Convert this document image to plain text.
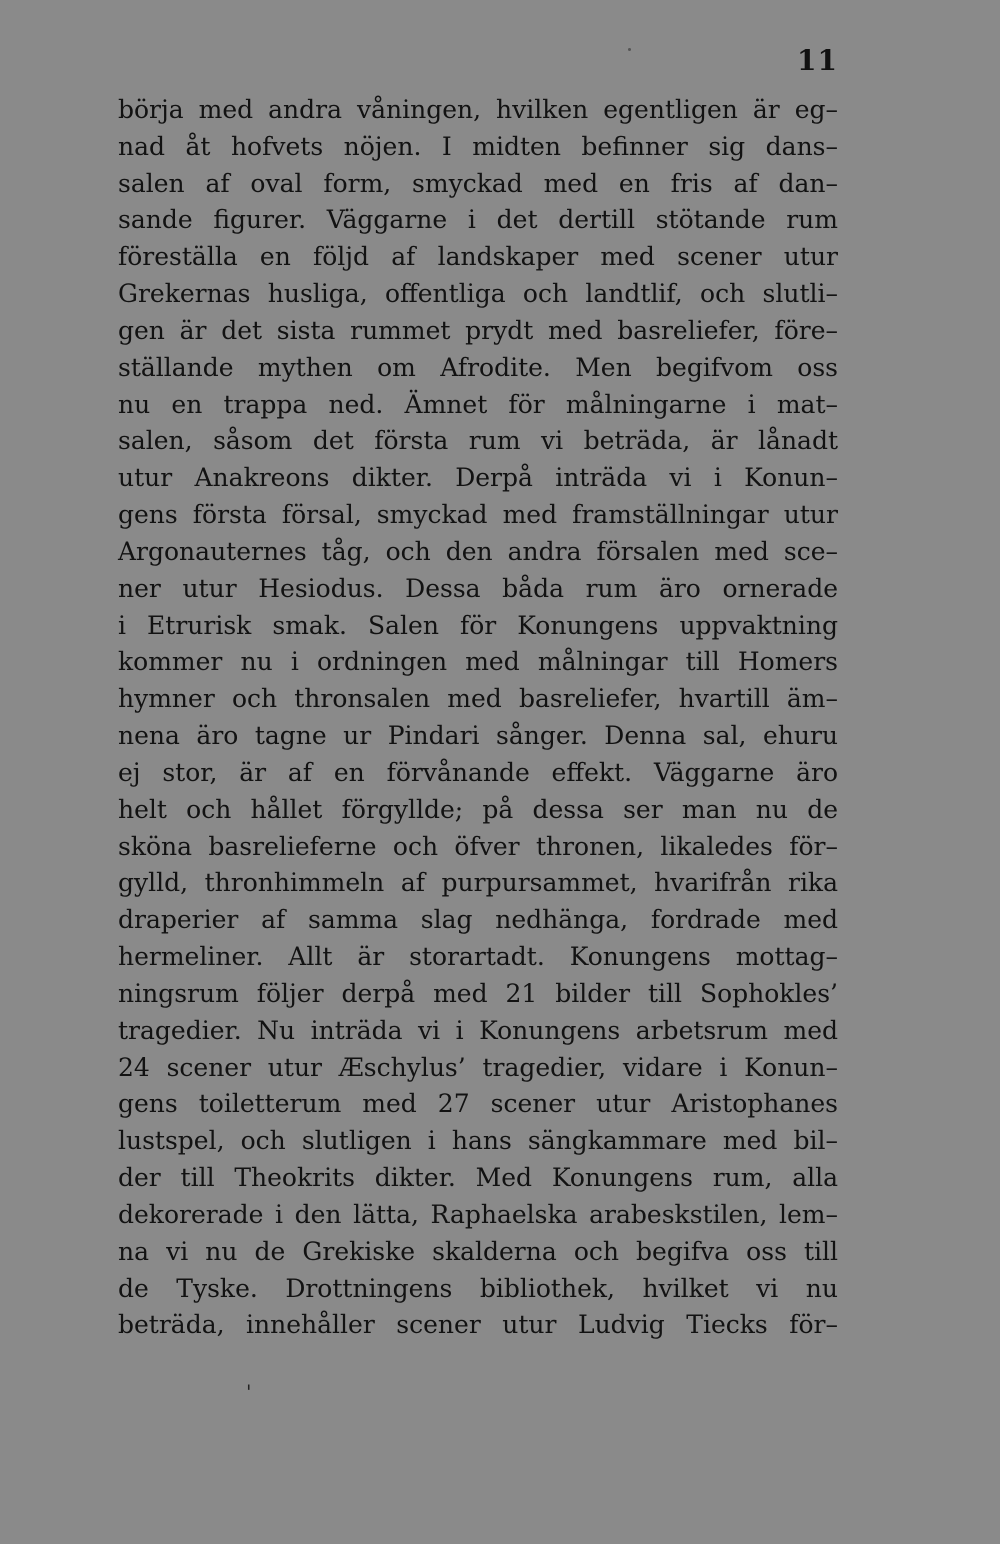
11
börja med andra våningen, hvilken egentligen är eg–
nad åt hofvets nöjen. I midten befinner sig dans–
salen af oval form, smyckad med en fris af dan–
sande figurer. Väggarne i det dertill stötande rum
föreställa en följd af landskaper med scener utur
Grekernas husliga, offentliga och landtlif, och slutli–
gen är det sista rummet prydt med basreliefer, före–
ställande mythen om Afrodite. Men begifvom oss
nu en trappa ned. Ämnet för målningarne i mat–
salen, såsom det första rum vi beträda, är lånadt
utur Anakreons dikter. Derpå inträda vi i Konun–
gens första försal, smyckad med framställningar utur
Argonauternes tåg, och den andra försalen med sce–
ner utur Hesiodus. Dessa båda rum äro ornerade
i Etrurisk smak. Salen för Konungens uppvaktning
kommer nu i ordningen med målningar till Homers
hymner och thronsalen med basreliefer, hvartill äm–
nena äro tagne ur Pindari sånger. Denna sal, ehuru
ej stor, är af en förvånande effekt. Väggarne äro
helt och hållet förgyllde; på dessa ser man nu de
sköna basrelieferne och öfver thronen, likaledes för–
gylld, thronhimmeln af purpursammet, hvarifrån rika
draperier af samma slag nedhänga, fordrade med
hermeliner. Allt är storartadt. Konungens mottag–
ningsrum följer derpå med 21 bilder till Sophokles’
tragedier. Nu inträda vi i Konungens arbetsrum med
24 scener utur Æschylus’ tragedier, vidare i Konun–
gens toiletterum med 27 scener utur Aristophanes
lustspel, och slutligen i hans sängkammare med bil–
der till Theokrits dikter. Med Konungens rum, alla
dekorerade i den lätta, Raphaelska arabeskstilen, lem–
na vi nu de Grekiske skalderna och begifva oss till
de Tyske. Drottningens bibliothek, hvilket vi nu
beträda, innehåller scener utur Ludvig Tiecks för–
'
